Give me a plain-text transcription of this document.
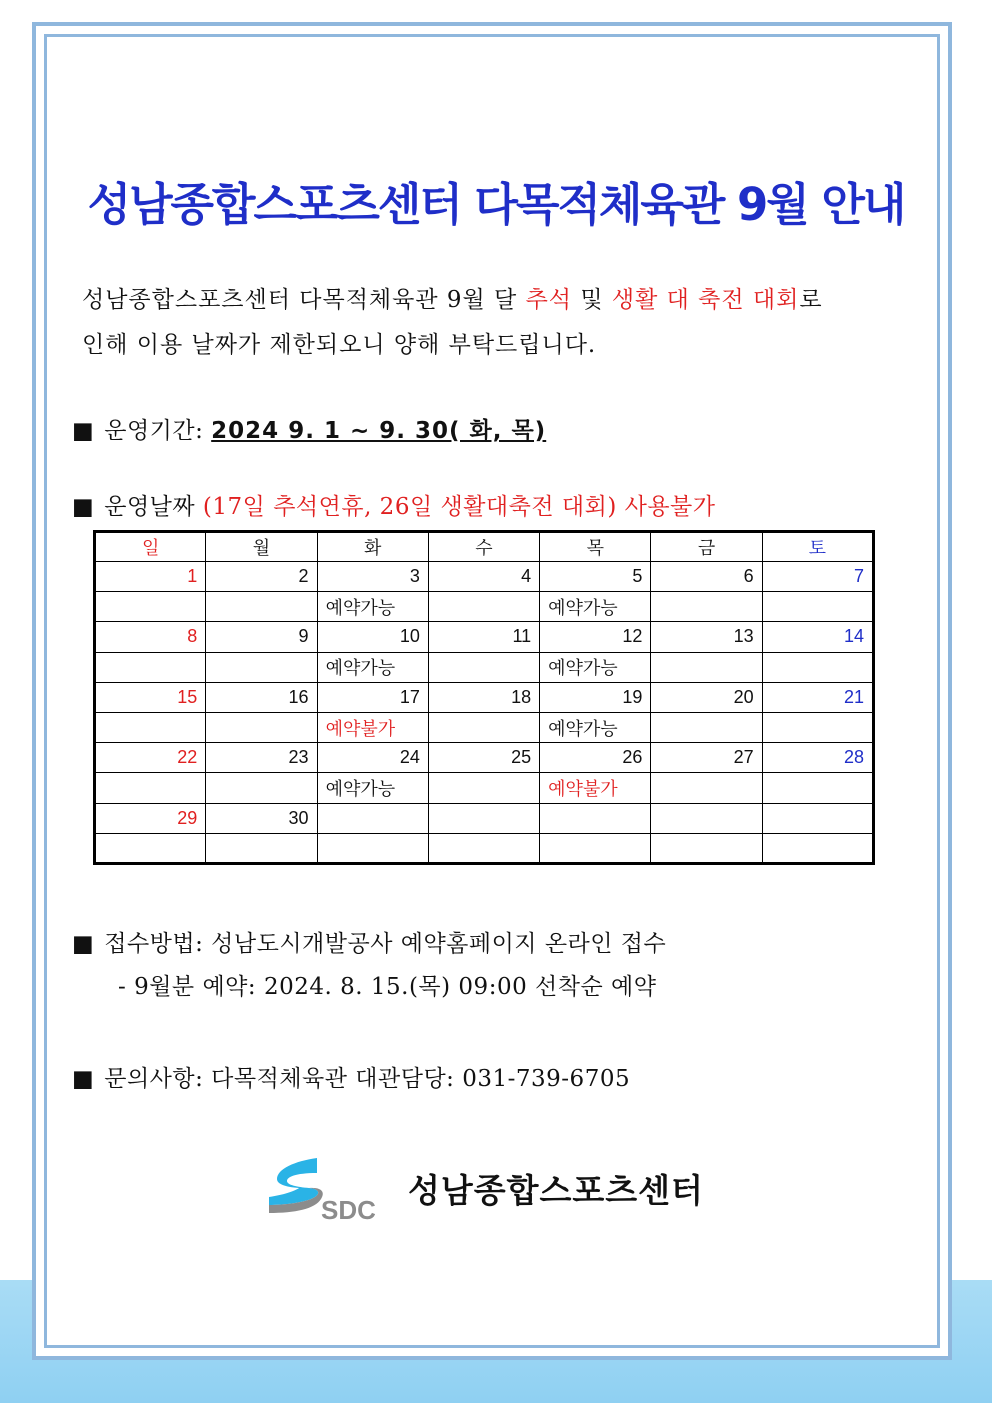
성남종합스포츠센터 다목적체육관 9월 안내
성남종합스포츠센터 다목적체육관 9월 달 추석 및 생활 대 축전 대회로
인해 이용 날짜가 제한되오니 양해 부탁드립니다.
■ 운영기간: 2024 9. 1 ~ 9. 30( 화, 목)
■ 운영날짜 (17일 추석연휴, 26일 생활대축전 대회) 사용불가
일	월	화	수	목	금	토
1	2	3	4	5	6	7
		예약가능		예약가능		
8	9	10	11	12	13	14
		예약가능		예약가능		
15	16	17	18	19	20	21
		예약불가		예약가능		
22	23	24	25	26	27	28
		예약가능		예약불가		
29	30					

■ 접수방법: 성남도시개발공사 예약홈페이지 온라인 접수
- 9월분 예약: 2024. 8. 15.(목) 09:00 선착순 예약
■ 문의사항: 다목적체육관 대관담당: 031-739-6705
SDC 성남종합스포츠센터
